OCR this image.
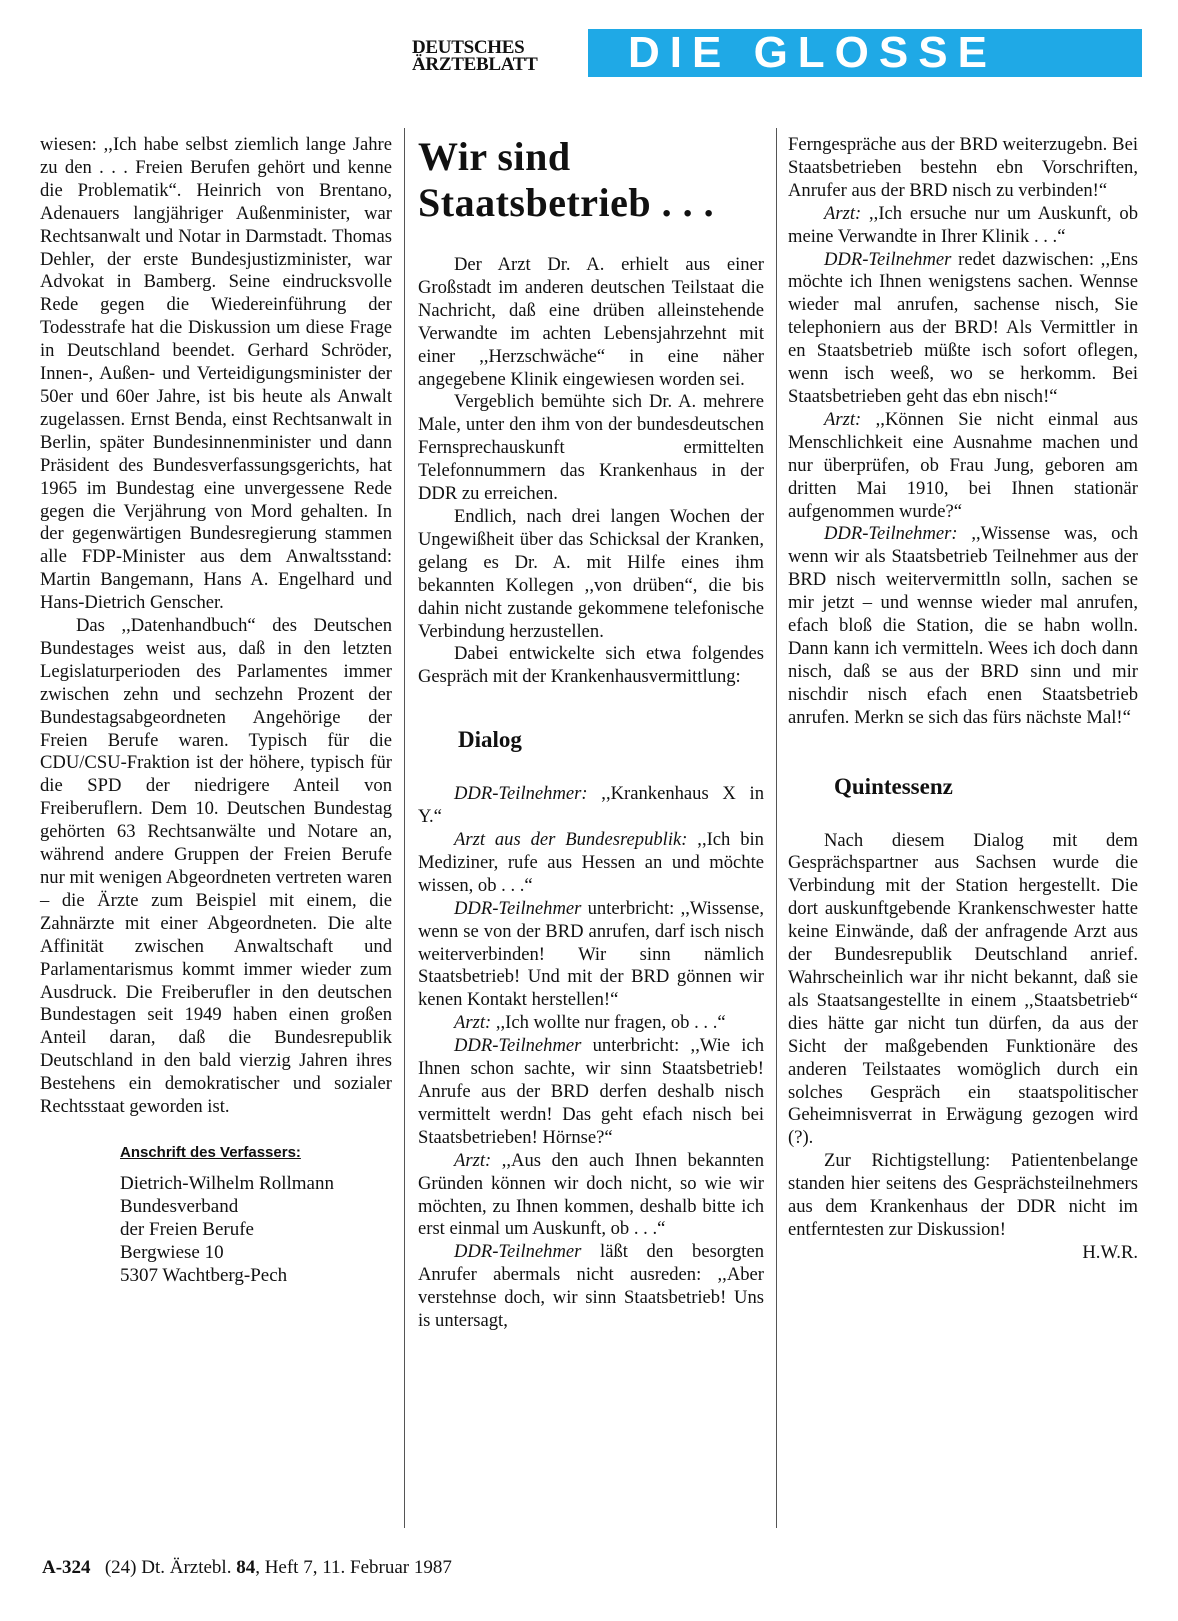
DEUTSCHES
ÄRZTEBLATT	DIE GLOSSE

wiesen: ,,Ich habe selbst ziemlich lange Jahre zu den . . . Freien Berufen gehört und kenne die Problematik“. Heinrich von Brentano, Adenauers langjähriger Außenminister, war Rechtsanwalt und Notar in Darmstadt. Thomas Dehler, der erste Bundesjustizminister, war Advokat in Bamberg. Seine eindrucksvolle Rede gegen die Wiedereinführung der Todesstrafe hat die Diskussion um diese Frage in Deutschland beendet. Gerhard Schröder, Innen-, Außen- und Verteidigungsminister der 50er und 60er Jahre, ist bis heute als Anwalt zugelassen. Ernst Benda, einst Rechtsanwalt in Berlin, später Bundesinnenminister und dann Präsident des Bundesverfassungsgerichts, hat 1965 im Bundestag eine unvergessene Rede gegen die Verjährung von Mord gehalten. In der gegenwärtigen Bundesregierung stammen alle FDP-Minister aus dem Anwaltsstand: Martin Bangemann, Hans A. Engelhard und Hans-Dietrich Genscher.

Das ,,Datenhandbuch“ des Deutschen Bundestages weist aus, daß in den letzten Legislaturperioden des Parlamentes immer zwischen zehn und sechzehn Prozent der Bundestagsabgeordneten Angehörige der Freien Berufe waren. Typisch für die CDU/CSU-Fraktion ist der höhere, typisch für die SPD der niedrigere Anteil von Freiberuflern. Dem 10. Deutschen Bundestag gehörten 63 Rechtsanwälte und Notare an, während andere Gruppen der Freien Berufe nur mit wenigen Abgeordneten vertreten waren – die Ärzte zum Beispiel mit einem, die Zahnärzte mit einer Abgeordneten. Die alte Affinität zwischen Anwaltschaft und Parlamentarismus kommt immer wieder zum Ausdruck. Die Freiberufler in den deutschen Bundestagen seit 1949 haben einen großen Anteil daran, daß die Bundesrepublik Deutschland in den bald vierzig Jahren ihres Bestehens ein demokratischer und sozialer Rechtsstaat geworden ist.

Anschrift des Verfassers:
Dietrich-Wilhelm Rollmann
Bundesverband
der Freien Berufe
Bergwiese 10
5307 Wachtberg-Pech
Wir sind
Staatsbetrieb . . .

Der Arzt Dr. A. erhielt aus einer Großstadt im anderen deutschen Teilstaat die Nachricht, daß eine drüben alleinstehende Verwandte im achten Lebensjahrzehnt mit einer ,,Herzschwäche“ in eine näher angegebene Klinik eingewiesen worden sei.

Vergeblich bemühte sich Dr. A. mehrere Male, unter den ihm von der bundesdeutschen Fernsprechauskunft ermittelten Telefonnummern das Krankenhaus in der DDR zu erreichen.

Endlich, nach drei langen Wochen der Ungewißheit über das Schicksal der Kranken, gelang es Dr. A. mit Hilfe eines ihm bekannten Kollegen ,,von drüben“, die bis dahin nicht zustande gekommene telefonische Verbindung herzustellen.

Dabei entwickelte sich etwa folgendes Gespräch mit der Krankenhausvermittlung:

Dialog

DDR-Teilnehmer: ,,Krankenhaus X in Y.“

Arzt aus der Bundesrepublik: ,,Ich bin Mediziner, rufe aus Hessen an und möchte wissen, ob . . .“

DDR-Teilnehmer unterbricht: ,,Wissense, wenn se von der BRD anrufen, darf isch nisch weiterverbinden! Wir sinn nämlich Staatsbetrieb! Und mit der BRD gönnen wir kenen Kontakt herstellen!“

Arzt: ,,Ich wollte nur fragen, ob . . .“

DDR-Teilnehmer unterbricht: ,,Wie ich Ihnen schon sachte, wir sinn Staatsbetrieb! Anrufe aus der BRD derfen deshalb nisch vermittelt werdn! Das geht efach nisch bei Staatsbetrieben! Hörnse?“

Arzt: ,,Aus den auch Ihnen bekannten Gründen können wir doch nicht, so wie wir möchten, zu Ihnen kommen, deshalb bitte ich erst einmal um Auskunft, ob . . .“

DDR-Teilnehmer läßt den besorgten Anrufer abermals nicht ausreden: ,,Aber verstehnse doch, wir sinn Staatsbetrieb! Uns is untersagt,

Ferngespräche aus der BRD weiterzugebn. Bei Staatsbetrieben bestehn ebn Vorschriften, Anrufer aus der BRD nisch zu verbinden!“

Arzt: ,,Ich ersuche nur um Auskunft, ob meine Verwandte in Ihrer Klinik . . .“

DDR-Teilnehmer redet dazwischen: ,,Ens möchte ich Ihnen wenigstens sachen. Wennse wieder mal anrufen, sachense nisch, Sie telephoniern aus der BRD! Als Vermittler in en Staatsbetrieb müßte isch sofort oflegen, wenn isch weeß, wo se herkomm. Bei Staatsbetrieben geht das ebn nisch!“

Arzt: ,,Können Sie nicht einmal aus Menschlichkeit eine Ausnahme machen und nur überprüfen, ob Frau Jung, geboren am dritten Mai 1910, bei Ihnen stationär aufgenommen wurde?“

DDR-Teilnehmer: ,,Wissense was, och wenn wir als Staatsbetrieb Teilnehmer aus der BRD nisch weitervermittln solln, sachen se mir jetzt – und wennse wieder mal anrufen, efach bloß die Station, die se habn wolln. Dann kann ich vermitteln. Wees ich doch dann nisch, daß se aus der BRD sinn und mir nischdir nisch efach enen Staatsbetrieb anrufen. Merkn se sich das fürs nächste Mal!“

Quintessenz

Nach diesem Dialog mit dem Gesprächspartner aus Sachsen wurde die Verbindung mit der Station hergestellt. Die dort auskunftgebende Krankenschwester hatte keine Einwände, daß der anfragende Arzt aus der Bundesrepublik Deutschland anrief. Wahrscheinlich war ihr nicht bekannt, daß sie als Staatsangestellte in einem ,,Staatsbetrieb“ dies hätte gar nicht tun dürfen, da aus der Sicht der maßgebenden Funktionäre des anderen Teilstaates womöglich durch ein solches Gespräch ein staatspolitischer Geheimnisverrat in Erwägung gezogen wird (?).

Zur Richtigstellung: Patientenbelange standen hier seitens des Gesprächsteilnehmers aus dem Krankenhaus der DDR nicht im entferntesten zur Diskussion!

H.W.R.

A-324 (24) Dt. Ärztebl. 84, Heft 7, 11. Februar 1987
